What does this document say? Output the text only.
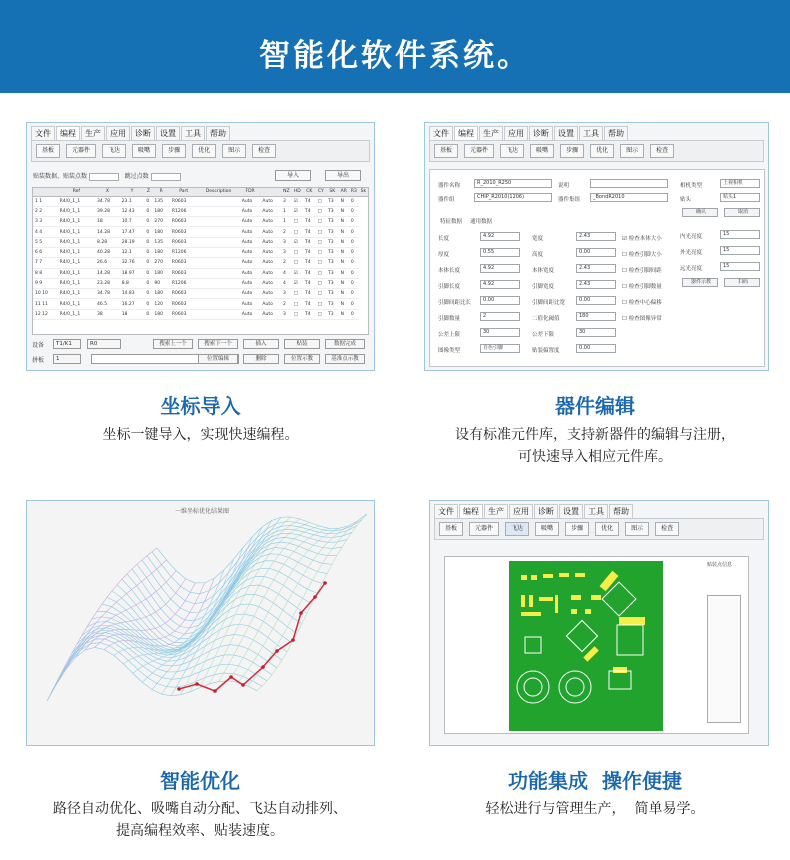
智能化软件系统。
文件	编程	生产	应用	诊断	设置	工具	帮助
基板	元器件	飞达	吸嘴	步骤	优化	图示	检查
贴装数据、贴装点数	跳过点数	导入	导出
	Ref	X	Y	Z	R	Part	Description	FDR		NZ	HD	CK	CY	SK	AR	R3	Sk
1 1	R4/0_1_1	34.78	23.1	0	135	R0603		Auto	Auto	3	☑	T4	□	T3	N	0	
2 2	R4/0_1_1	39.28	12.43	0	180	R1206		Auto	Auto	1	☑	T4	□	T3	N	0	
3 3	R4/0_1_1	18	10.7	0	270	R0603		Auto	Auto	1	□	T4	□	T3	N	0	
4 4	R4/0_1_1	14.28	17.47	0	180	R0603		Auto	Auto	2	□	T4	□	T3	N	0	
5 5	R4/0_1_1	8.28	28.19	0	135	R0603		Auto	Auto	3	☑	T4	□	T3	N	0	
6 6	R4/0_1_1	40.28	12.1	0	180	R1206		Auto	Auto	3	□	T4	□	T3	N	0	
7 7	R4/0_1_1	26.6	32.76	0	270	R0603		Auto	Auto	2	□	T4	□	T3	N	0	
8 8	R4/0_1_1	14.28	18.97	0	180	R0603		Auto	Auto	4	☑	T4	□	T3	N	0	
9 9	R4/0_1_1	23.28	8.8	0	90	R1206		Auto	Auto	4	☑	T4	□	T3	N	0	
10 10	R4/0_1_1	34.78	14.83	0	180	R0603		Auto	Auto	3	□	T4	□	T3	N	0	
11 11	R4/0_1_1	46.5	16.27	0	120	R0603		Auto	Auto	2	□	T4	□	T3	N	0	
12 12	R4/0_1_1	38	18	0	180	R0603		Auto	Auto	3	□	T4	□	T3	N	0	
设备
拼板
T1/K1	R0
1
搜索上一个	搜索下一个	插入	贴装	数据完成
位置编辑	删除	位置示教	基准点示教
文件	编程	生产	应用	诊断	设置	工具	帮助
基板	元器件	飞达	吸嘴	步骤	优化	图示	检查
器件名称	R_2010_R250	说明
器件组	CHIP_R2010(1206)	器件集组	_BondR2010
特征数据 通用数据
长度	4.92	宽度	2.43	☑ 检查本体大小
厚度	0.55	高度	0.00	☐ 检查引脚大小
本体长度	4.92	本体宽度	2.43	☐ 检查引脚间距
引脚长度	4.92	引脚宽度	2.43	☐ 检查引脚数量
引脚间距比长	0.00	引脚间距比宽	0.00	☐ 检查中心偏移
引脚数量	2	二值化阈值	180	☐ 检查图像异常
公差上限	30	公差下限	30
图像类型	自色引脚	贴装偏置度	0.00
相机类型	上视相机
贴头	贴头1
确认	取消
内光亮度	15
外光亮度	15
远光亮度	15
器件示教	扫码
一维坐标优化结果图	文件	编程	生产	应用	诊断	设置	工具	帮助
基板	元器件	飞达	吸嘴	步骤	优化	图示	检查
贴装点信息
坐标导入
坐标一键导入，实现快速编程。
器件编辑
设有标准元件库，支持新器件的编辑与注册，
可快速导入相应元件库。
智能优化
路径自动优化、吸嘴自动分配、飞达自动排列、
提高编程效率、贴装速度。
功能集成  操作便捷
轻松进行与管理生产，  简单易学。
